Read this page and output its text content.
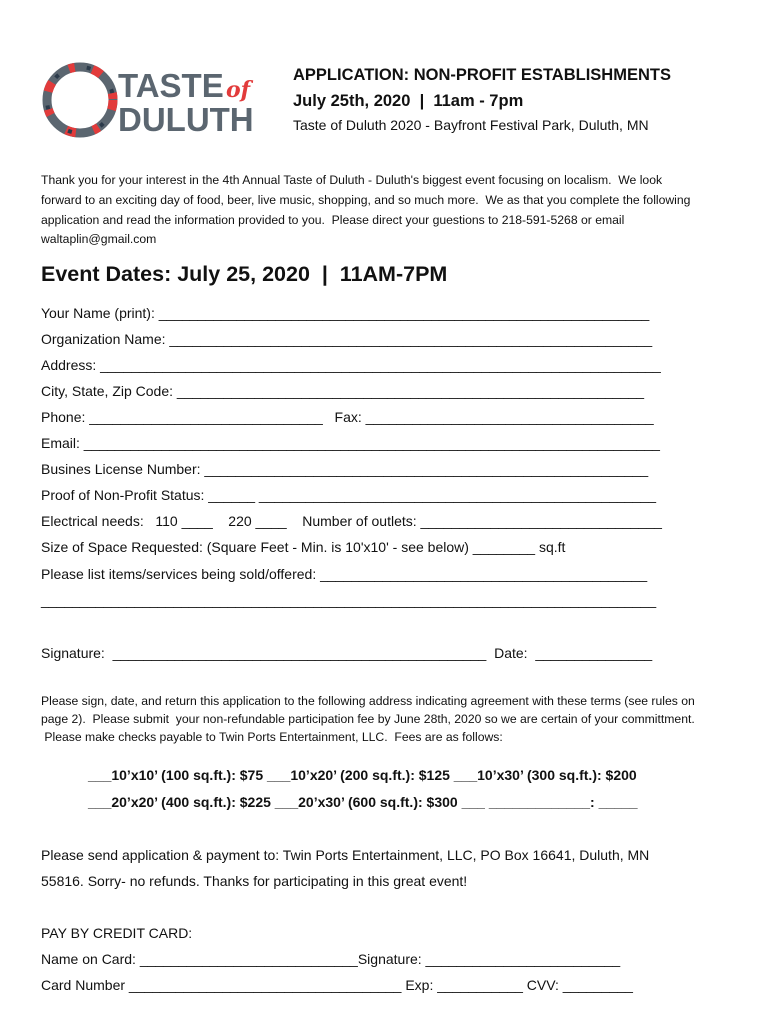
TASTE of
DULUTH
APPLICATION: NON-PROFIT ESTABLISHMENTS
July 25th, 2020  |  11am - 7pm
Taste of Duluth 2020 - Bayfront Festival Park, Duluth, MN
Thank you for your interest in the 4th Annual Taste of Duluth - Duluth's biggest event focusing on localism.  We look
forward to an exciting day of food, beer, live music, shopping, and so much more.  We as that you complete the following
application and read the information provided to you.  Please direct your guestions to 218-591-5268 or email
waltaplin@gmail.com
Event Dates: July 25, 2020  |  11AM-7PM
Your Name (print): _______________________________________________________________
Organization Name: ______________________________________________________________
Address: ________________________________________________________________________
City, State, Zip Code: ____________________________________________________________
Phone: ______________________________   Fax: _____________________________________
Email: __________________________________________________________________________
Busines License Number: _________________________________________________________
Proof of Non-Profit Status: ______ ___________________________________________________
Electrical needs:   110 ____    220 ____    Number of outlets: _______________________________
Size of Space Requested: (Square Feet - Min. is 10'x10' - see below) ________ sq.ft
Please list items/services being sold/offered: __________________________________________
_______________________________________________________________________________
Signature:  ________________________________________________  Date:  _______________
Please sign, date, and return this application to the following address indicating agreement with these terms (see rules on
page 2).  Please submit  your non-refundable participation fee by June 28th, 2020 so we are certain of your committment.
Please make checks payable to Twin Ports Entertainment, LLC.  Fees are as follows:
___10’x10’ (100 sq.ft.): $75 ___10’x20’ (200 sq.ft.): $125 ___10’x30’ (300 sq.ft.): $200
___20’x20’ (400 sq.ft.): $225 ___20’x30’ (600 sq.ft.): $300 ___ _____________: _____
Please send application & payment to: Twin Ports Entertainment, LLC, PO Box 16641, Duluth, MN
55816. Sorry- no refunds. Thanks for participating in this great event!
PAY BY CREDIT CARD:
Name on Card: ____________________________Signature: _________________________
Card Number ___________________________________ Exp: ___________ CVV: _________
